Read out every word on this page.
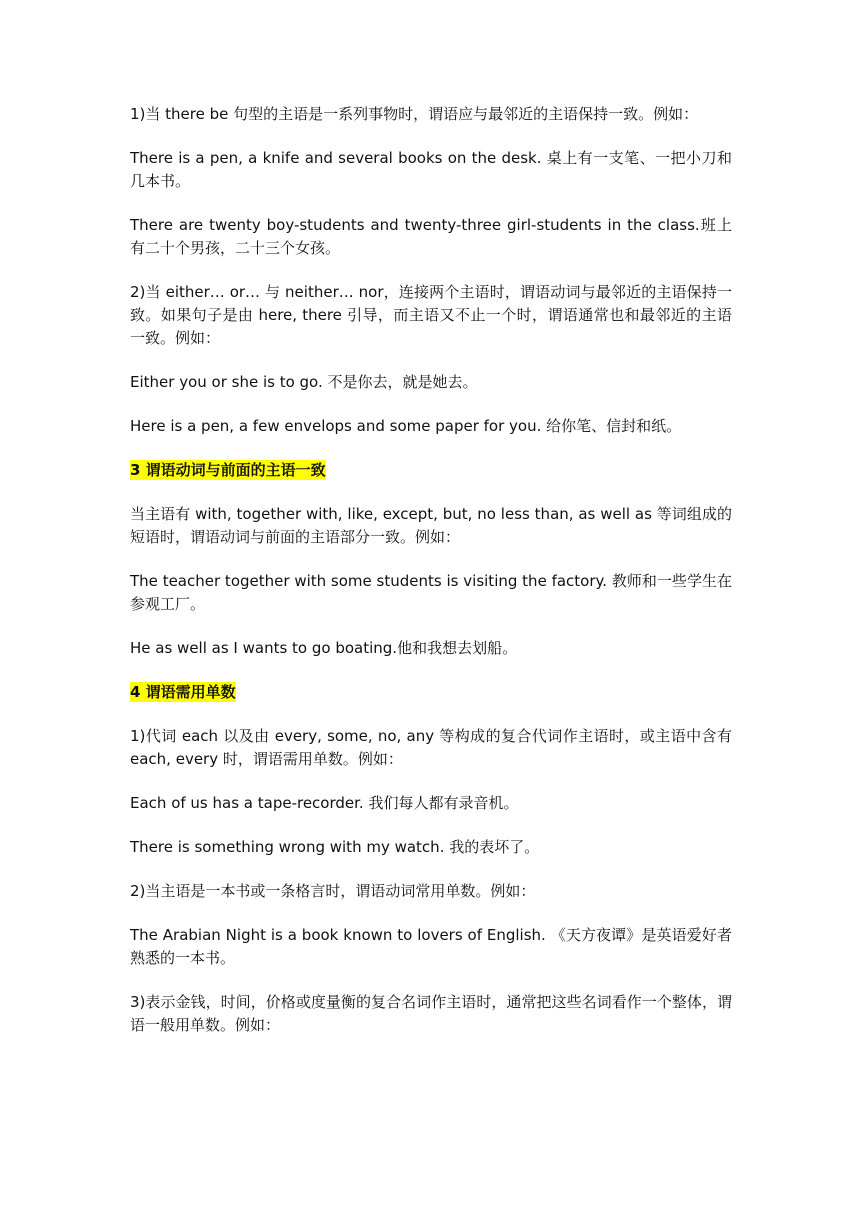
1)当 there be 句型的主语是一系列事物时，谓语应与最邻近的主语保持一致。例如：

There is a pen, a knife and several books on the desk. 桌上有一支笔、一把小刀和几本书。

There are twenty boy-students and twenty-three girl-students in the class.班上有二十个男孩，二十三个女孩。

2)当 either… or… 与 neither… nor，连接两个主语时，谓语动词与最邻近的主语保持一致。如果句子是由 here, there 引导，而主语又不止一个时，谓语通常也和最邻近的主语一致。例如：

Either you or she is to go. 不是你去，就是她去。

Here is a pen, a few envelops and some paper for you. 给你笔、信封和纸。

3 谓语动词与前面的主语一致

当主语有 with, together with, like, except, but, no less than, as well as 等词组成的短语时，谓语动词与前面的主语部分一致。例如：

The teacher together with some students is visiting the factory. 教师和一些学生在参观工厂。

He as well as I wants to go boating.他和我想去划船。

4 谓语需用单数

1)代词 each 以及由 every, some, no, any 等构成的复合代词作主语时，或主语中含有 each, every 时，谓语需用单数。例如：

Each of us has a tape-recorder. 我们每人都有录音机。

There is something wrong with my watch. 我的表坏了。

2)当主语是一本书或一条格言时，谓语动词常用单数。例如：

The Arabian Night is a book known to lovers of English. 《天方夜谭》是英语爱好者熟悉的一本书。

3)表示金钱，时间，价格或度量衡的复合名词作主语时，通常把这些名词看作一个整体，谓语一般用单数。例如：
